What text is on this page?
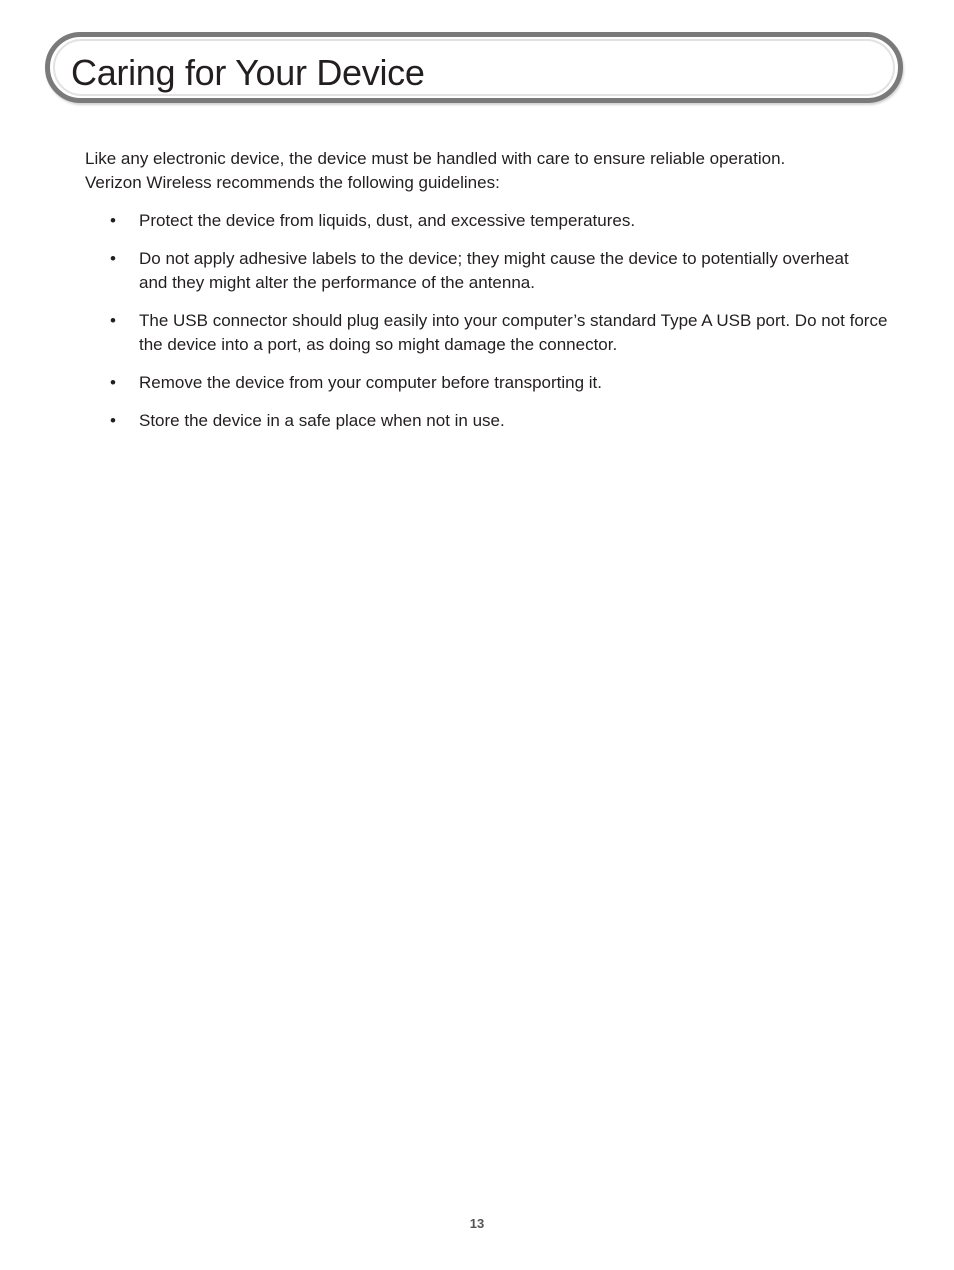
Caring for Your Device

Like any electronic device, the device must be handled with care to ensure reliable operation.
Verizon Wireless recommends the following guidelines:

• Protect the device from liquids, dust, and excessive temperatures.
• Do not apply adhesive labels to the device; they might cause the device to potentially overheat and they might alter the performance of the antenna.
• The USB connector should plug easily into your computer’s standard Type A USB port. Do not force the device into a port, as doing so might damage the connector.
• Remove the device from your computer before transporting it.
• Store the device in a safe place when not in use.
13
